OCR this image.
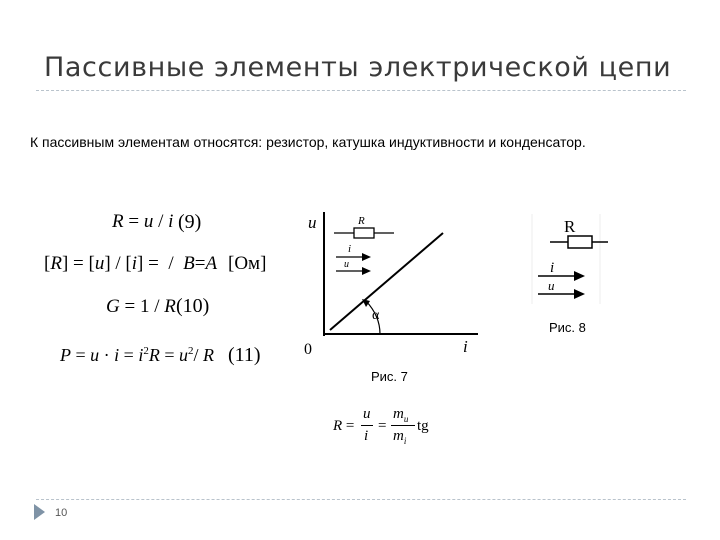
Пассивные элементы электрической цепи
К пассивным элементам относятся: резистор, катушка индуктивности и конденсатор.
R = u / i (9)
[R] = [u] / [i] =  /  B=A [Ом]
G = 1 / R (10)
$P = u \cdot i = i^2R = u^2/$ R (11)
u
i
0
R
i
u
α
Рис. 7
R
i
u
Рис. 8
R =
u
i
=
$m_u$
$m_i$
tg
10
